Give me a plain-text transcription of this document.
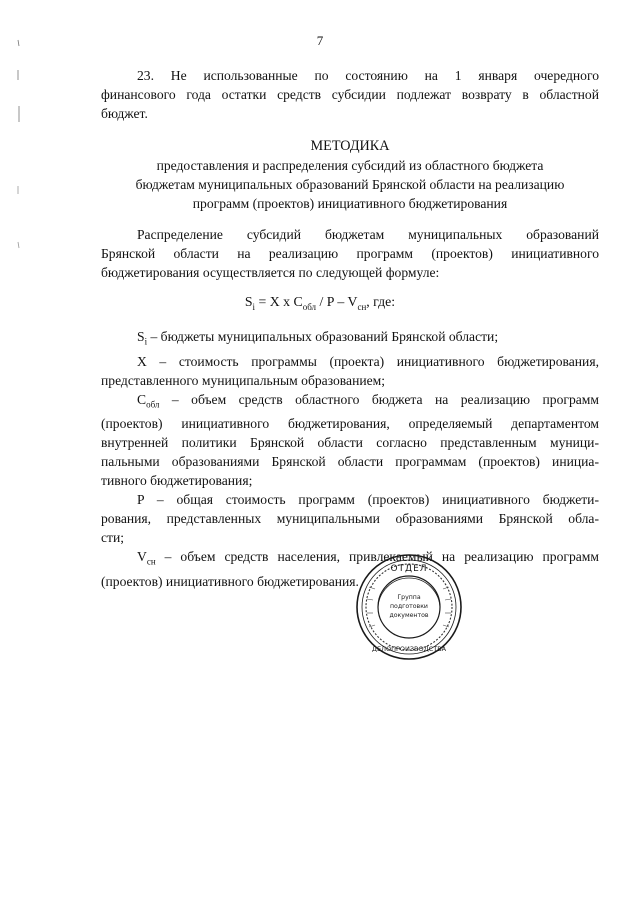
7
23. Не использованные по состоянию на 1 января очередного
финансового года остатки средств субсидии подлежат возврату в областной
бюджет.
МЕТОДИКА
предоставления и распределения субсидий из областного бюджета
бюджетам муниципальных образований Брянской области на реализацию
программ (проектов) инициативного бюджетирования
Распределение субсидий бюджетам муниципальных образований
Брянской области на реализацию программ (проектов) инициативного
бюджетирования осуществляется по следующей формуле:
$S_i = X$ x $C_{обл}$ / P – $V_{сн}$, где:
$S_i$ – бюджеты муниципальных образований Брянской области;
X – стоимость программы (проекта) инициативного бюджетирования,
представленного муниципальным образованием;
$C_{обл}$ – объем средств областного бюджета на реализацию программ
(проектов) инициативного бюджетирования, определяемый департаментом
внутренней политики Брянской области согласно представленным муници-
пальными образованиями Брянской области программам (проектов) инициа-
тивного бюджетирования;
P – общая стоимость программ (проектов) инициативного бюджети-
рования, представленных муниципальными образованиями Брянской обла-
сти;
$V_{сн}$ – объем средств населения, привлекаемый на реализацию программ
(проектов) инициативного бюджетирования.
ОТДЕЛ
ДЕЛОПРОИЗВОДСТВА
Группа
подготовки
документов
